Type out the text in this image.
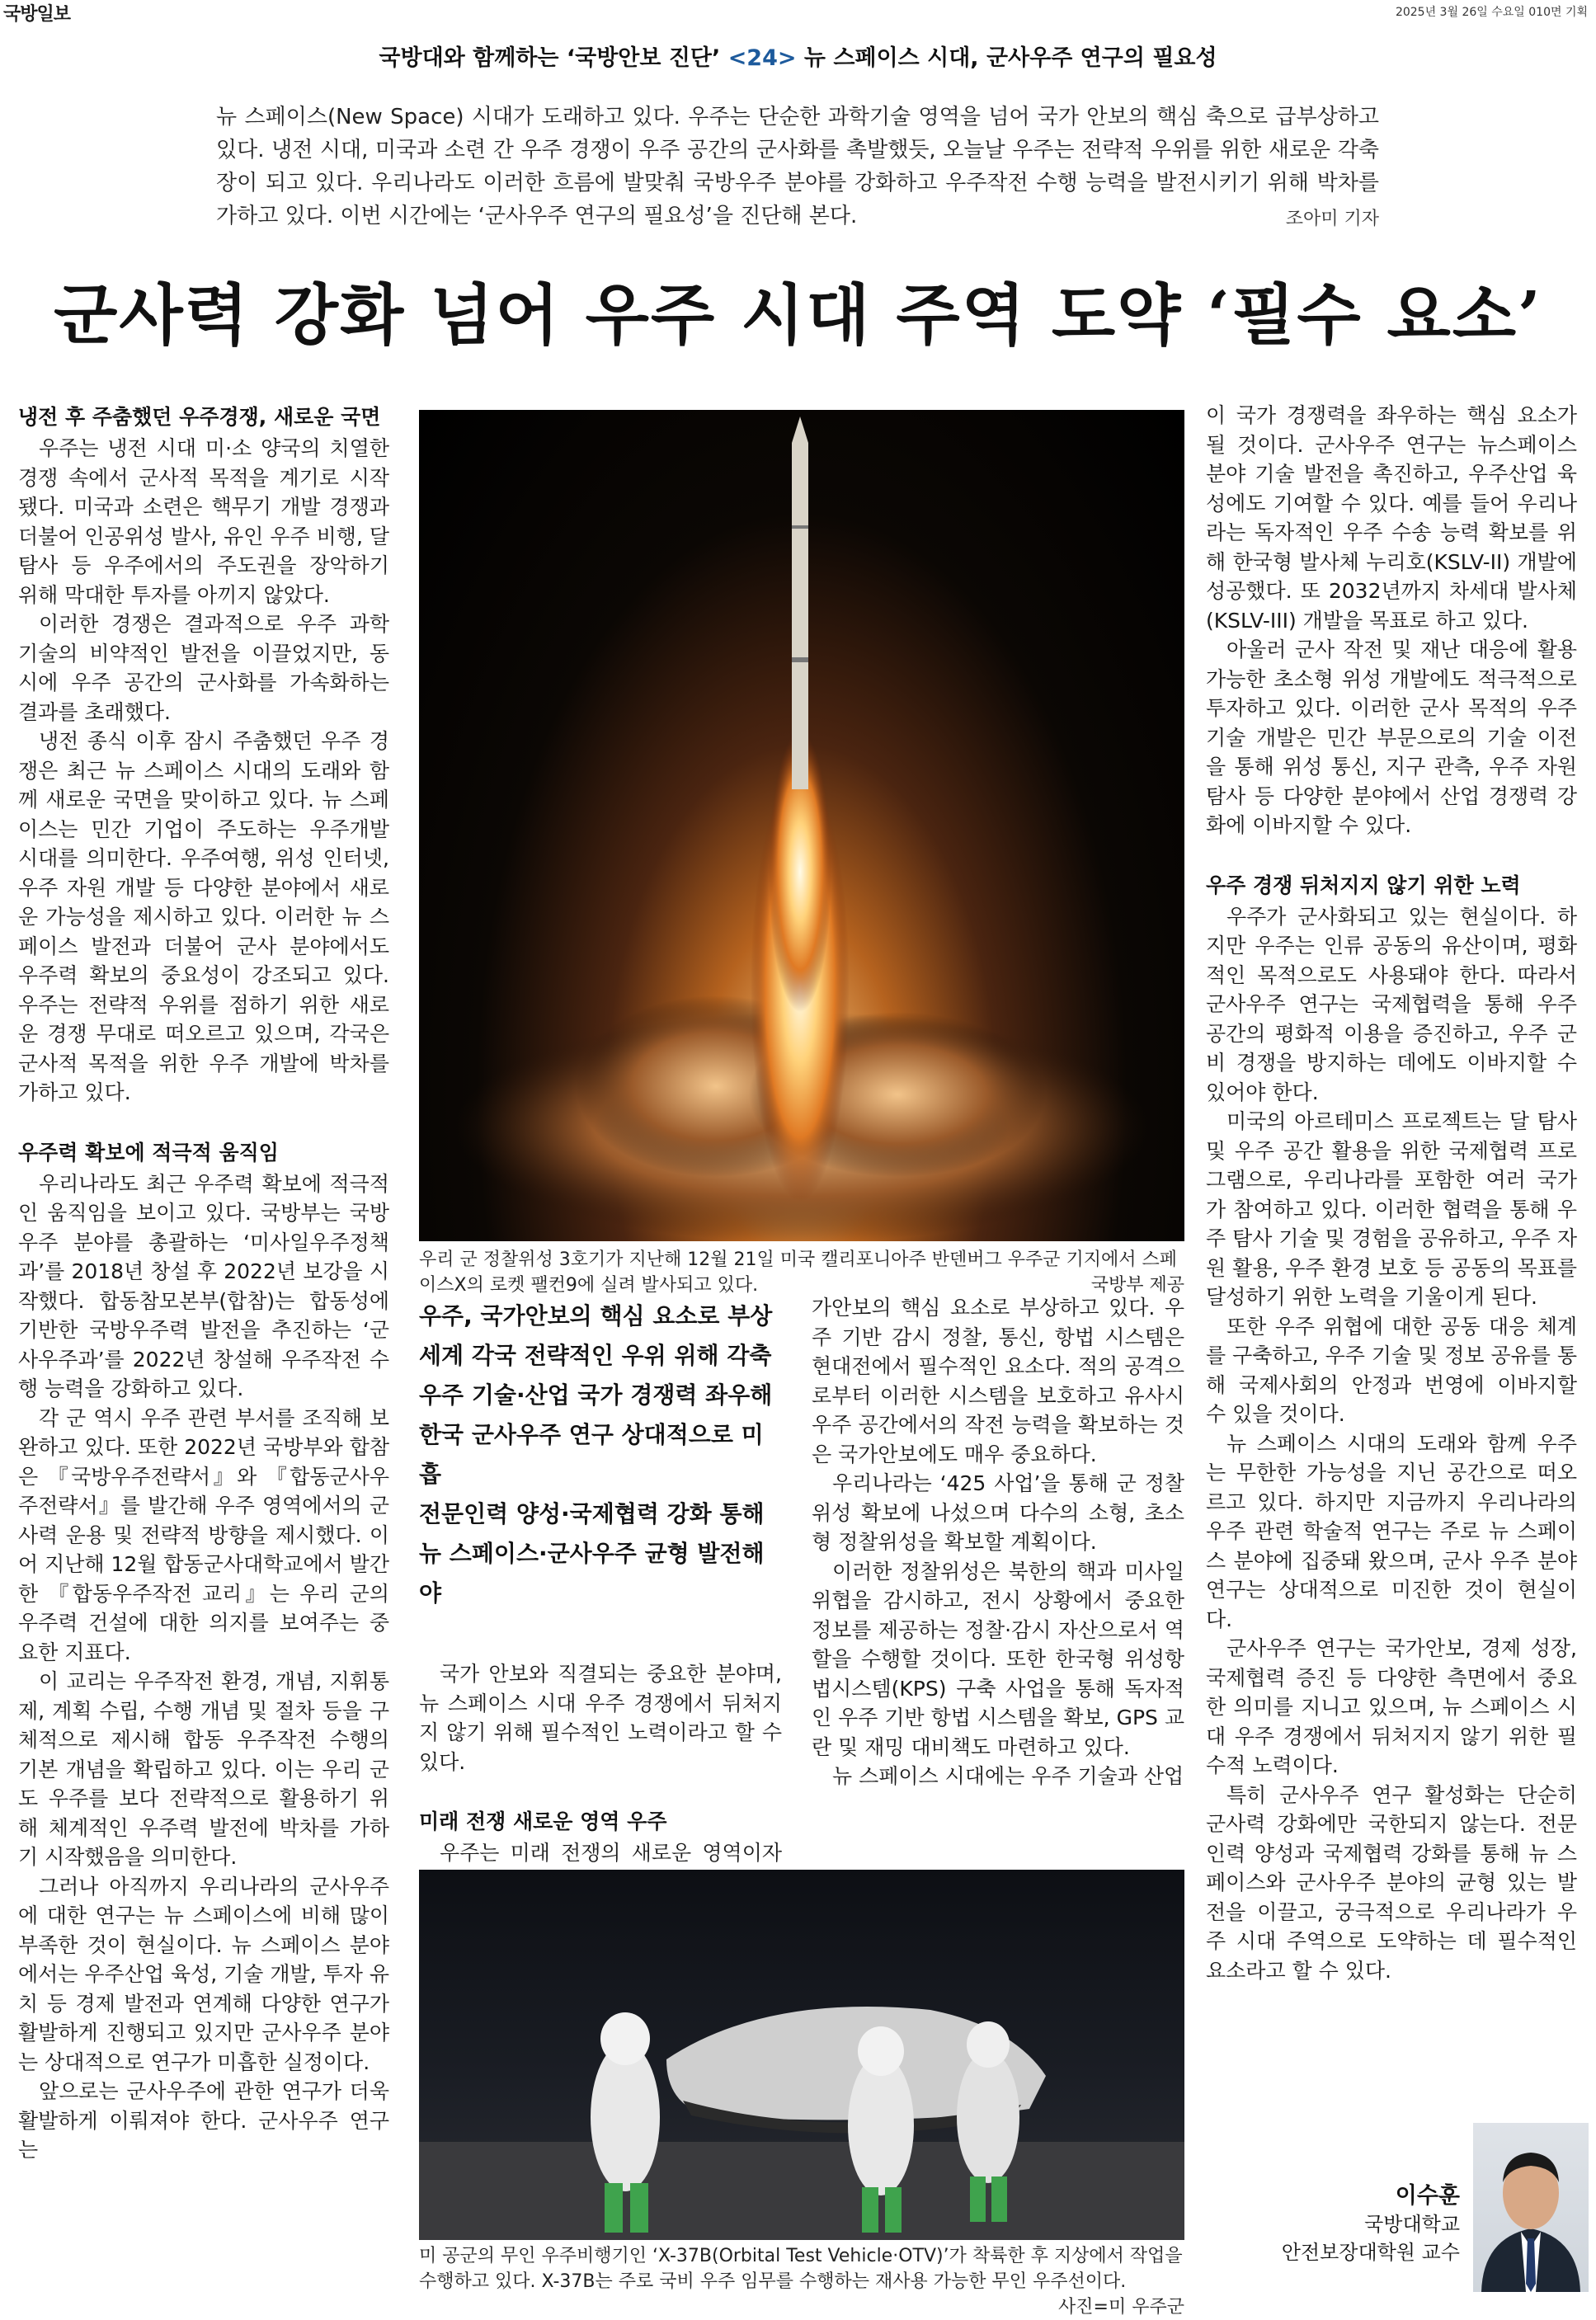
국방일보	2025년 3월 26일 수요일 010면 기획
국방대와 함께하는 ‘국방안보 진단’ <24> 뉴 스페이스 시대, 군사우주 연구의 필요성
뉴 스페이스(New Space) 시대가 도래하고 있다. 우주는 단순한 과학기술 영역을 넘어 국가 안보의 핵심 축으로 급부상하고 있다. 냉전 시대, 미국과 소련 간 우주 경쟁이 우주 공간의 군사화를 촉발했듯, 오늘날 우주는 전략적 우위를 위한 새로운 각축장이 되고 있다. 우리나라도 이러한 흐름에 발맞춰 국방우주 분야를 강화하고 우주작전 수행 능력을 발전시키기 위해 박차를 가하고 있다. 이번 시간에는 ‘군사우주 연구의 필요성’을 진단해 본다.	조아미 기자
군사력 강화 넘어 우주 시대 주역 도약 ‘필수 요소’
냉전 후 주춤했던 우주경쟁, 새로운 국면

우주는 냉전 시대 미·소 양국의 치열한 경쟁 속에서 군사적 목적을 계기로 시작됐다. 미국과 소련은 핵무기 개발 경쟁과 더불어 인공위성 발사, 유인 우주 비행, 달 탐사 등 우주에서의 주도권을 장악하기 위해 막대한 투자를 아끼지 않았다.

이러한 경쟁은 결과적으로 우주 과학 기술의 비약적인 발전을 이끌었지만, 동시에 우주 공간의 군사화를 가속화하는 결과를 초래했다.

냉전 종식 이후 잠시 주춤했던 우주 경쟁은 최근 뉴 스페이스 시대의 도래와 함께 새로운 국면을 맞이하고 있다. 뉴 스페이스는 민간 기업이 주도하는 우주개발 시대를 의미한다. 우주여행, 위성 인터넷, 우주 자원 개발 등 다양한 분야에서 새로운 가능성을 제시하고 있다. 이러한 뉴 스페이스 발전과 더불어 군사 분야에서도 우주력 확보의 중요성이 강조되고 있다. 우주는 전략적 우위를 점하기 위한 새로운 경쟁 무대로 떠오르고 있으며, 각국은 군사적 목적을 위한 우주 개발에 박차를 가하고 있다.

우주력 확보에 적극적 움직임

우리나라도 최근 우주력 확보에 적극적인 움직임을 보이고 있다. 국방부는 국방우주 분야를 총괄하는 ‘미사일우주정책과’를 2018년 창설 후 2022년 보강을 시작했다. 합동참모본부(합참)는 합동성에 기반한 국방우주력 발전을 추진하는 ‘군사우주과’를 2022년 창설해 우주작전 수행 능력을 강화하고 있다.

각 군 역시 우주 관련 부서를 조직해 보완하고 있다. 또한 2022년 국방부와 합참은 『국방우주전략서』와 『합동군사우주전략서』를 발간해 우주 영역에서의 군사력 운용 및 전략적 방향을 제시했다. 이어 지난해 12월 합동군사대학교에서 발간한 『합동우주작전 교리』는 우리 군의 우주력 건설에 대한 의지를 보여주는 중요한 지표다.

이 교리는 우주작전 환경, 개념, 지휘통제, 계획 수립, 수행 개념 및 절차 등을 구체적으로 제시해 합동 우주작전 수행의 기본 개념을 확립하고 있다. 이는 우리 군도 우주를 보다 전략적으로 활용하기 위해 체계적인 우주력 발전에 박차를 가하기 시작했음을 의미한다.

그러나 아직까지 우리나라의 군사우주에 대한 연구는 뉴 스페이스에 비해 많이 부족한 것이 현실이다. 뉴 스페이스 분야에서는 우주산업 육성, 기술 개발, 투자 유치 등 경제 발전과 연계해 다양한 연구가 활발하게 진행되고 있지만 군사우주 분야는 상대적으로 연구가 미흡한 실정이다.

앞으로는 군사우주에 관한 연구가 더욱 활발하게 이뤄져야 한다. 군사우주 연구는

우리 군 정찰위성 3호기가 지난해 12월 21일 미국 캘리포니아주 반덴버그 우주군 기지에서 스페이스X의 로켓 팰컨9에 실려 발사되고 있다.	국방부 제공
우주, 국가안보의 핵심 요소로 부상
세계 각국 전략적인 우위 위해 각축
우주 기술·산업 국가 경쟁력 좌우해
한국 군사우주 연구 상대적으로 미흡
전문인력 양성·국제협력 강화 통해
뉴 스페이스·군사우주 균형 발전해야

국가 안보와 직결되는 중요한 분야며, 뉴 스페이스 시대 우주 경쟁에서 뒤처지지 않기 위해 필수적인 노력이라고 할 수 있다.

미래 전쟁 새로운 영역 우주

우주는 미래 전쟁의 새로운 영역이자

가안보의 핵심 요소로 부상하고 있다. 우주 기반 감시 정찰, 통신, 항법 시스템은 현대전에서 필수적인 요소다. 적의 공격으로부터 이러한 시스템을 보호하고 유사시 우주 공간에서의 작전 능력을 확보하는 것은 국가안보에도 매우 중요하다.

우리나라는 ‘425 사업’을 통해 군 정찰위성 확보에 나섰으며 다수의 소형, 초소형 정찰위성을 확보할 계획이다.

이러한 정찰위성은 북한의 핵과 미사일 위협을 감시하고, 전시 상황에서 중요한 정보를 제공하는 정찰·감시 자산으로서 역할을 수행할 것이다. 또한 한국형 위성항법시스템(KPS) 구축 사업을 통해 독자적인 우주 기반 항법 시스템을 확보, GPS 교란 및 재밍 대비책도 마련하고 있다.

뉴 스페이스 시대에는 우주 기술과 산업

미 공군의 무인 우주비행기인 ‘X-37B(Orbital Test Vehicle·OTV)’가 착륙한 후 지상에서 작업을 수행하고 있다. X-37B는 주로 국비 우주 임무를 수행하는 재사용 가능한 무인 우주선이다.
사진=미 우주군

이 국가 경쟁력을 좌우하는 핵심 요소가 될 것이다. 군사우주 연구는 뉴스페이스 분야 기술 발전을 촉진하고, 우주산업 육성에도 기여할 수 있다. 예를 들어 우리나라는 독자적인 우주 수송 능력 확보를 위해 한국형 발사체 누리호(KSLV-II) 개발에 성공했다. 또 2032년까지 차세대 발사체(KSLV-III) 개발을 목표로 하고 있다.

아울러 군사 작전 및 재난 대응에 활용 가능한 초소형 위성 개발에도 적극적으로 투자하고 있다. 이러한 군사 목적의 우주 기술 개발은 민간 부문으로의 기술 이전을 통해 위성 통신, 지구 관측, 우주 자원 탐사 등 다양한 분야에서 산업 경쟁력 강화에 이바지할 수 있다.

우주 경쟁 뒤처지지 않기 위한 노력

우주가 군사화되고 있는 현실이다. 하지만 우주는 인류 공동의 유산이며, 평화적인 목적으로도 사용돼야 한다. 따라서 군사우주 연구는 국제협력을 통해 우주 공간의 평화적 이용을 증진하고, 우주 군비 경쟁을 방지하는 데에도 이바지할 수 있어야 한다.

미국의 아르테미스 프로젝트는 달 탐사 및 우주 공간 활용을 위한 국제협력 프로그램으로, 우리나라를 포함한 여러 국가가 참여하고 있다. 이러한 협력을 통해 우주 탐사 기술 및 경험을 공유하고, 우주 자원 활용, 우주 환경 보호 등 공동의 목표를 달성하기 위한 노력을 기울이게 된다.

또한 우주 위협에 대한 공동 대응 체계를 구축하고, 우주 기술 및 정보 공유를 통해 국제사회의 안정과 번영에 이바지할 수 있을 것이다.

뉴 스페이스 시대의 도래와 함께 우주는 무한한 가능성을 지닌 공간으로 떠오르고 있다. 하지만 지금까지 우리나라의 우주 관련 학술적 연구는 주로 뉴 스페이스 분야에 집중돼 왔으며, 군사 우주 분야 연구는 상대적으로 미진한 것이 현실이다.

군사우주 연구는 국가안보, 경제 성장, 국제협력 증진 등 다양한 측면에서 중요한 의미를 지니고 있으며, 뉴 스페이스 시대 우주 경쟁에서 뒤처지지 않기 위한 필수적 노력이다.

특히 군사우주 연구 활성화는 단순히 군사력 강화에만 국한되지 않는다. 전문인력 양성과 국제협력 강화를 통해 뉴 스페이스와 군사우주 분야의 균형 있는 발전을 이끌고, 궁극적으로 우리나라가 우주 시대 주역으로 도약하는 데 필수적인 요소라고 할 수 있다.

이수훈
국방대학교
안전보장대학원 교수
